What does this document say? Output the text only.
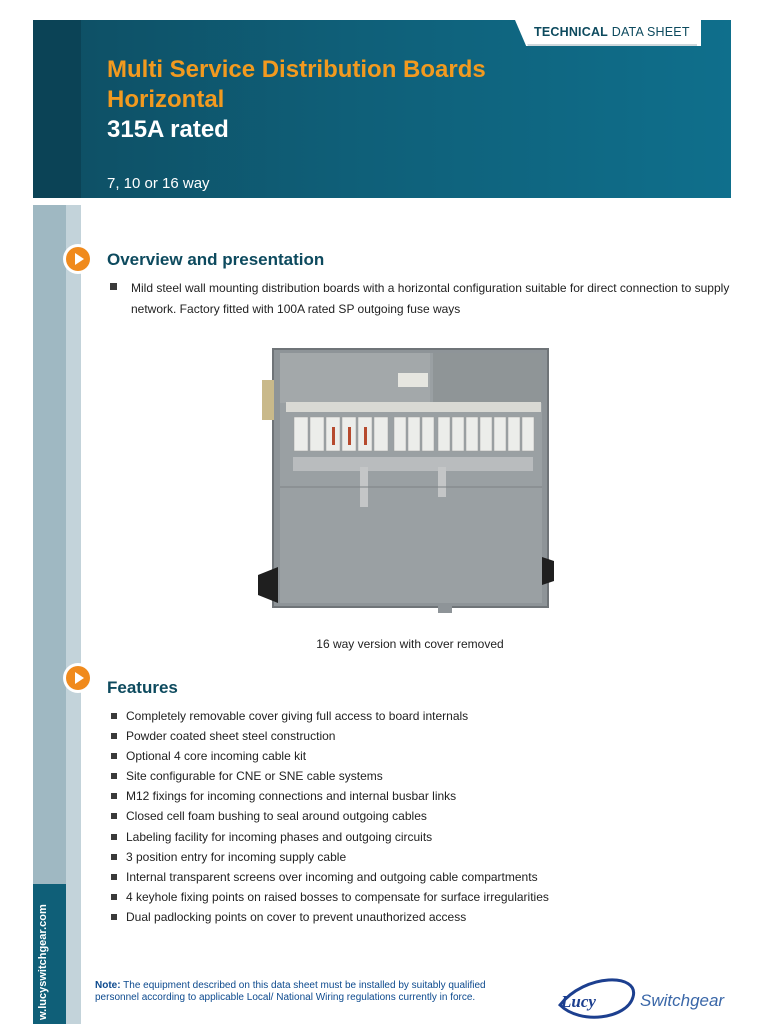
TECHNICAL DATA SHEET
Multi Service Distribution Boards
Horizontal
315A rated
7, 10 or 16 way
w.lucyswitchgear.com
Overview and presentation
Mild steel wall mounting distribution boards with a horizontal configuration suitable for direct connection to supply network. Factory fitted with 100A rated SP outgoing fuse ways
16 way version with cover removed
Features
Completely removable cover giving full access to board internals
Powder coated sheet steel construction
Optional 4 core incoming cable kit
Site configurable for CNE or SNE cable systems
M12 fixings for incoming connections and internal busbar links
Closed cell foam bushing to seal around outgoing cables
Labeling facility for incoming phases and outgoing circuits
3 position entry for incoming supply cable
Internal transparent screens over incoming and outgoing cable compartments
4 keyhole fixing points on raised bosses to compensate for surface irregularities
Dual padlocking points on cover to prevent unauthorized access
Note: The equipment described on this data sheet must be installed by suitably qualified personnel according to applicable Local/ National Wiring regulations currently in force.	Lucy	Switchgear
